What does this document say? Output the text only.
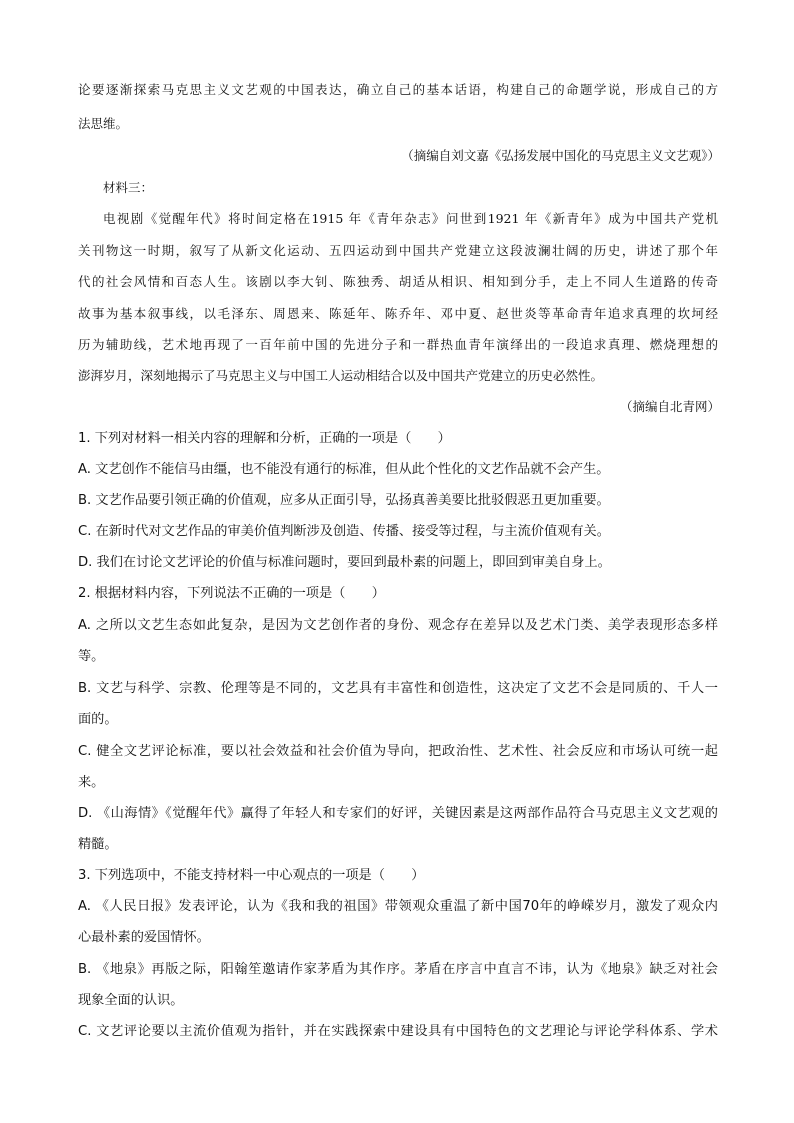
论要逐渐探索马克思主义文艺观的中国表达，确立自己的基本话语，构建自己的命题学说，形成自己的方
法思维。
（摘编自刘文嘉《弘扬发展中国化的马克思主义文艺观》）
材料三：
电视剧《觉醒年代》将时间定格在1915 年《青年杂志》问世到1921 年《新青年》成为中国共产党机
关刊物这一时期，叙写了从新文化运动、五四运动到中国共产党建立这段波澜壮阔的历史，讲述了那个年
代的社会风情和百态人生。该剧以李大钊、陈独秀、胡适从相识、相知到分手，走上不同人生道路的传奇
故事为基本叙事线，以毛泽东、周恩来、陈延年、陈乔年、邓中夏、赵世炎等革命青年追求真理的坎坷经
历为辅助线，艺术地再现了一百年前中国的先进分子和一群热血青年演绎出的一段追求真理、燃烧理想的
澎湃岁月，深刻地揭示了马克思主义与中国工人运动相结合以及中国共产党建立的历史必然性。
（摘编自北青网）
1. 下列对材料一相关内容的理解和分析，正确的一项是（　　）
A. 文艺创作不能信马由缰，也不能没有通行的标准，但从此个性化的文艺作品就不会产生。
B. 文艺作品要引领正确的价值观，应多从正面引导，弘扬真善美要比批驳假恶丑更加重要。
C. 在新时代对文艺作品的审美价值判断涉及创造、传播、接受等过程，与主流价值观有关。
D. 我们在讨论文艺评论的价值与标准问题时，要回到最朴素的问题上，即回到审美自身上。
2. 根据材料内容，下列说法不正确的一项是（　　）
A. 之所以文艺生态如此复杂，是因为文艺创作者的身份、观念存在差异以及艺术门类、美学表现形态多样
等。
B. 文艺与科学、宗教、伦理等是不同的，文艺具有丰富性和创造性，这决定了文艺不会是同质的、千人一
面的。
C. 健全文艺评论标准，要以社会效益和社会价值为导向，把政治性、艺术性、社会反应和市场认可统一起
来。
D. 《山海情》《觉醒年代》赢得了年轻人和专家们的好评，关键因素是这两部作品符合马克思主义文艺观的
精髓。
3. 下列选项中，不能支持材料一中心观点的一项是（　　）
A. 《人民日报》发表评论，认为《我和我的祖国》带领观众重温了新中国70年的峥嵘岁月，激发了观众内
心最朴素的爱国情怀。
B. 《地泉》再版之际，阳翰笙邀请作家茅盾为其作序。茅盾在序言中直言不讳，认为《地泉》缺乏对社会
现象全面的认识。
C. 文艺评论要以主流价值观为指针，并在实践探索中建设具有中国特色的文艺理论与评论学科体系、学术
